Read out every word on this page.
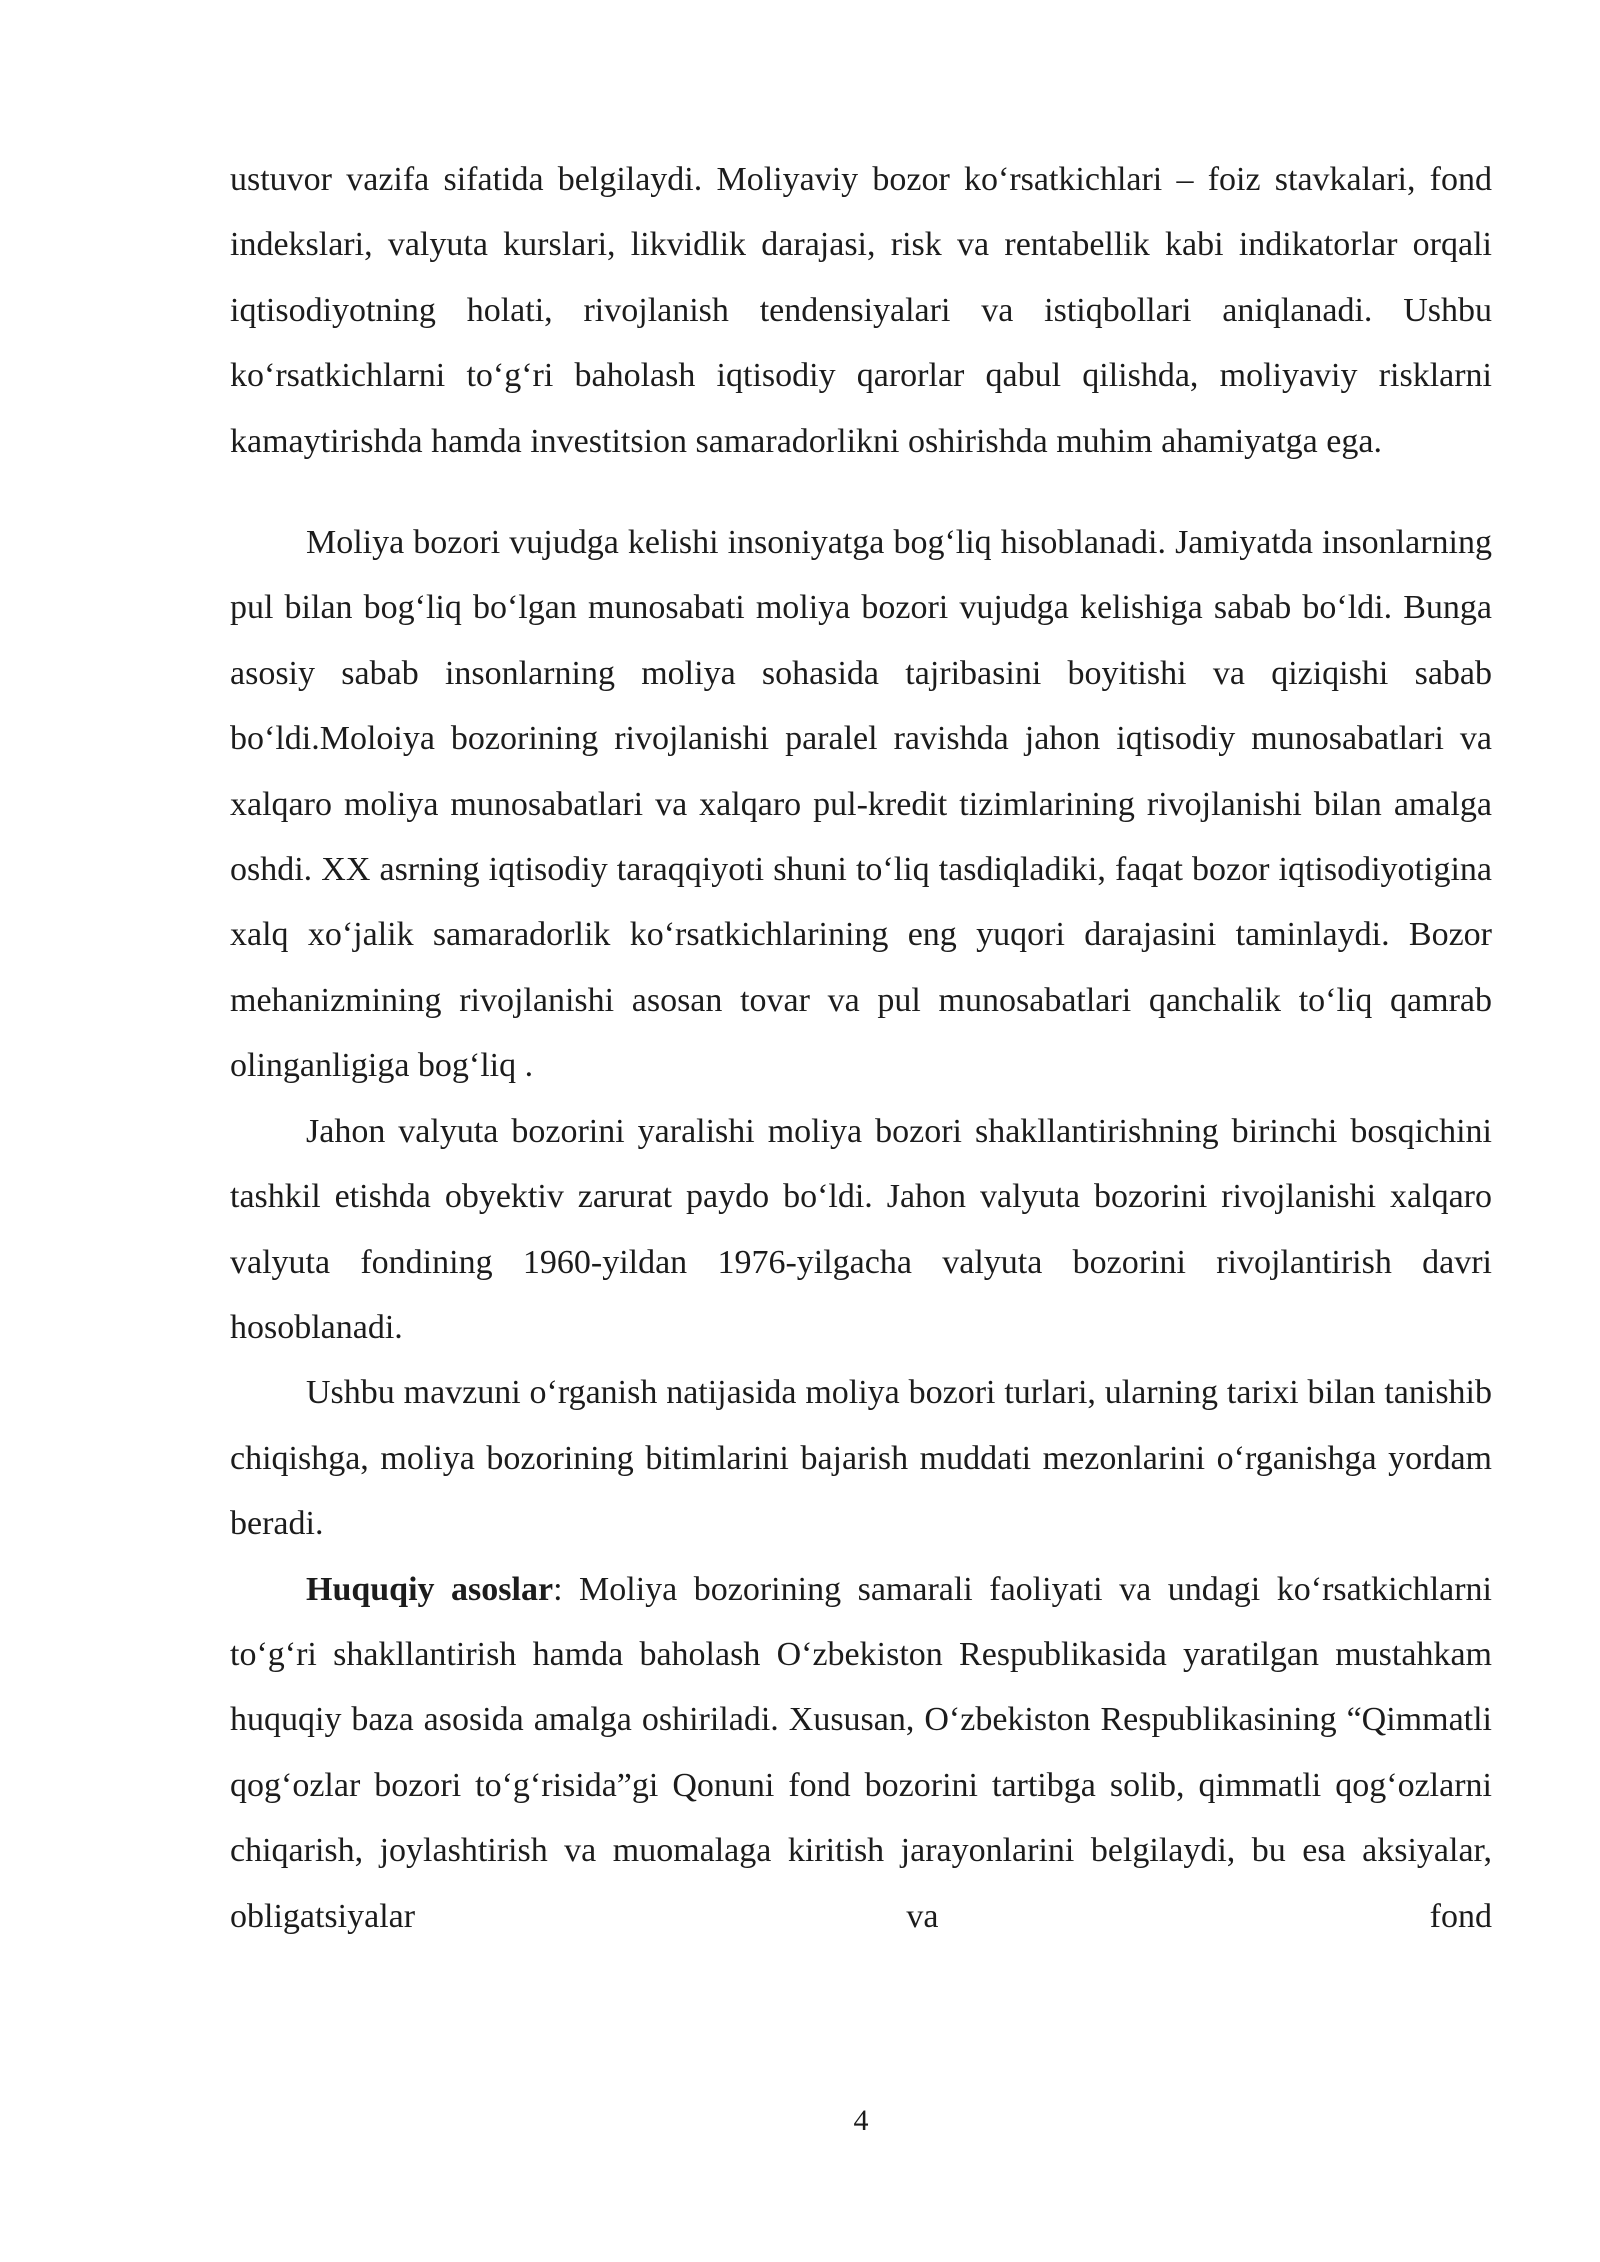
ustuvor vazifa sifatida belgilaydi. Moliyaviy bozor ko‘rsatkichlari – foiz stavkalari, fond indekslari, valyuta kurslari, likvidlik darajasi, risk va rentabellik kabi indikatorlar orqali iqtisodiyotning holati, rivojlanish tendensiyalari va istiqbollari aniqlanadi. Ushbu ko‘rsatkichlarni to‘g‘ri baholash iqtisodiy qarorlar qabul qilishda, moliyaviy risklarni kamaytirishda hamda investitsion samaradorlikni oshirishda muhim ahamiyatga ega.

Moliya bozori vujudga kelishi insoniyatga bog‘liq hisoblanadi. Jamiyatda insonlarning pul bilan bog‘liq bo‘lgan munosabati moliya bozori vujudga kelishiga sabab bo‘ldi. Bunga asosiy sabab insonlarning moliya sohasida tajribasini boyitishi va qiziqishi sabab bo‘ldi.Moloiya bozorining rivojlanishi paralel ravishda jahon iqtisodiy munosabatlari va xalqaro moliya munosabatlari va xalqaro pul-kredit tizimlarining rivojlanishi bilan amalga oshdi. XX asrning iqtisodiy taraqqiyoti shuni to‘liq tasdiqladiki, faqat bozor iqtisodiyotigina xalq xo‘jalik samaradorlik ko‘rsatkichlarining eng yuqori darajasini taminlaydi. Bozor mehanizmining rivojlanishi asosan tovar va pul munosabatlari qanchalik to‘liq qamrab olinganligiga bog‘liq .

Jahon valyuta bozorini yaralishi moliya bozori shakllantirishning birinchi bosqichini tashkil etishda obyektiv zarurat paydo bo‘ldi. Jahon valyuta bozorini rivojlanishi xalqaro valyuta fondining 1960-yildan 1976-yilgacha valyuta bozorini rivojlantirish davri hosoblanadi.

Ushbu mavzuni o‘rganish natijasida moliya bozori turlari, ularning tarixi bilan tanishib chiqishga, moliya bozorining bitimlarini bajarish muddati mezonlarini o‘rganishga yordam beradi.

Huquqiy asoslar: Moliya bozorining samarali faoliyati va undagi ko‘rsatkichlarni to‘g‘ri shakllantirish hamda baholash O‘zbekiston Respublikasida yaratilgan mustahkam huquqiy baza asosida amalga oshiriladi. Xususan, O‘zbekiston Respublikasining “Qimmatli qog‘ozlar bozori to‘g‘risida”gi Qonuni fond bozorini tartibga solib, qimmatli qog‘ozlarni chiqarish, joylashtirish va muomalaga kiritish jarayonlarini belgilaydi, bu esa aksiyalar, obligatsiyalar va fond

4
